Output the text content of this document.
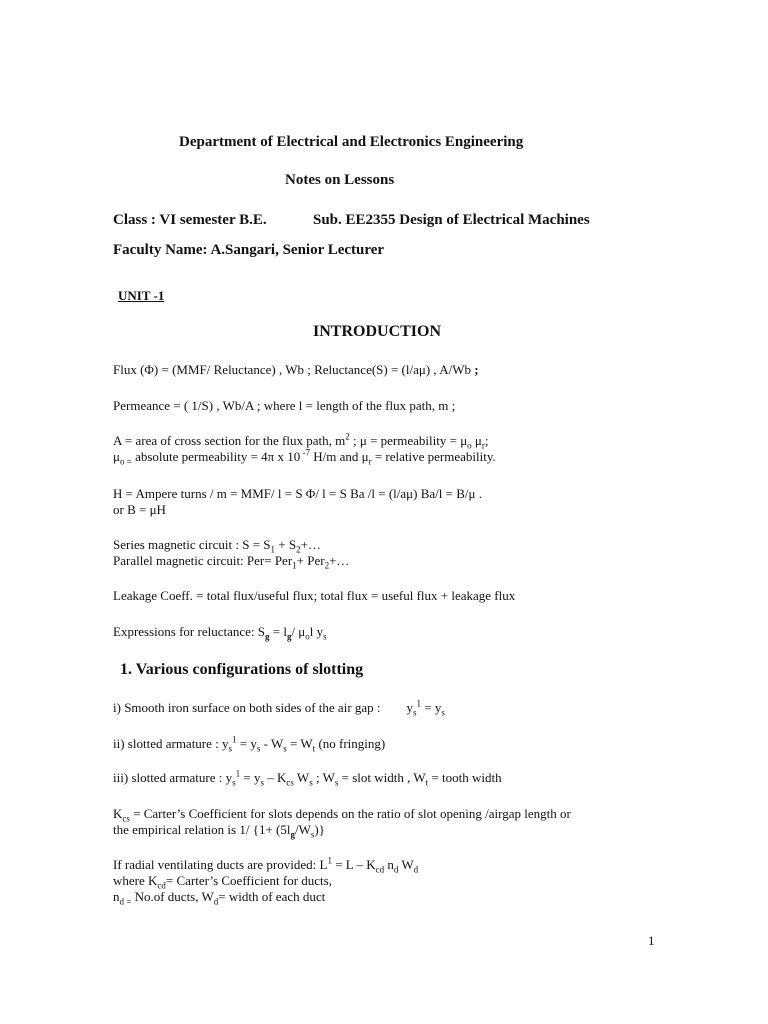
Department of Electrical and Electronics Engineering
Notes on Lessons
Class : VI semester B.E.	Sub. EE2355 Design of Electrical Machines
Faculty Name: A.Sangari, Senior Lecturer
UNIT -1
INTRODUCTION
Flux (Φ) = (MMF/ Reluctance) , Wb ; Reluctance(S) = (l/aμ) , A/Wb ;
Permeance = ( 1/S) , Wb/A ; where l = length of the flux path, m ;
A = area of cross section for the flux path, $m^2$ ; μ = permeability = $\mu_o$ $\mu_r$;
$\mu_{o =}$ absolute permeability = 4π x 10 $^{-7}$ H/m and $\mu_r$ = relative permeability.
H = Ampere turns / m = MMF/ l = S Φ/ l = S Ba /l = (l/aμ) Ba/l = B/μ .
or B = μH
Series magnetic circuit : $S = S_1$ + $S_2+\dots$
Parallel magnetic circuit: Per= Per$_1$+ Per$_2$+…
Leakage Coeff. = total flux/useful flux; total flux = useful flux + leakage flux
Expressions for reluctance: $S_g = l_g/$ $\mu_ol$ $y_s$
1. Various configurations of slotting
i) Smooth iron surface on both sides of the air gap : $y_s^1 = y_s$
ii) slotted armature : $y_s^1 = y_s - W_s = W_t$ (no fringing)
iii) slotted armature : $y_s^1 = y_s - K_{cs}$ $W_s$ ; $W_s$ = slot width , $W_t$ = tooth width
$K_{cs}$ = Carter’s Coefficient for slots depends on the ratio of slot opening /airgap length or
the empirical relation is 1/ $\{1+ (5l_g/W_s)\}$
If radial ventilating ducts are provided: $L^1 = L - K_{cd}$ $n_d$ $W_d$
where $K_{cd}=$ Carter’s Coefficient for ducts,
$n_{d =}$ No.of ducts, $W_d=$ width of each duct
1
